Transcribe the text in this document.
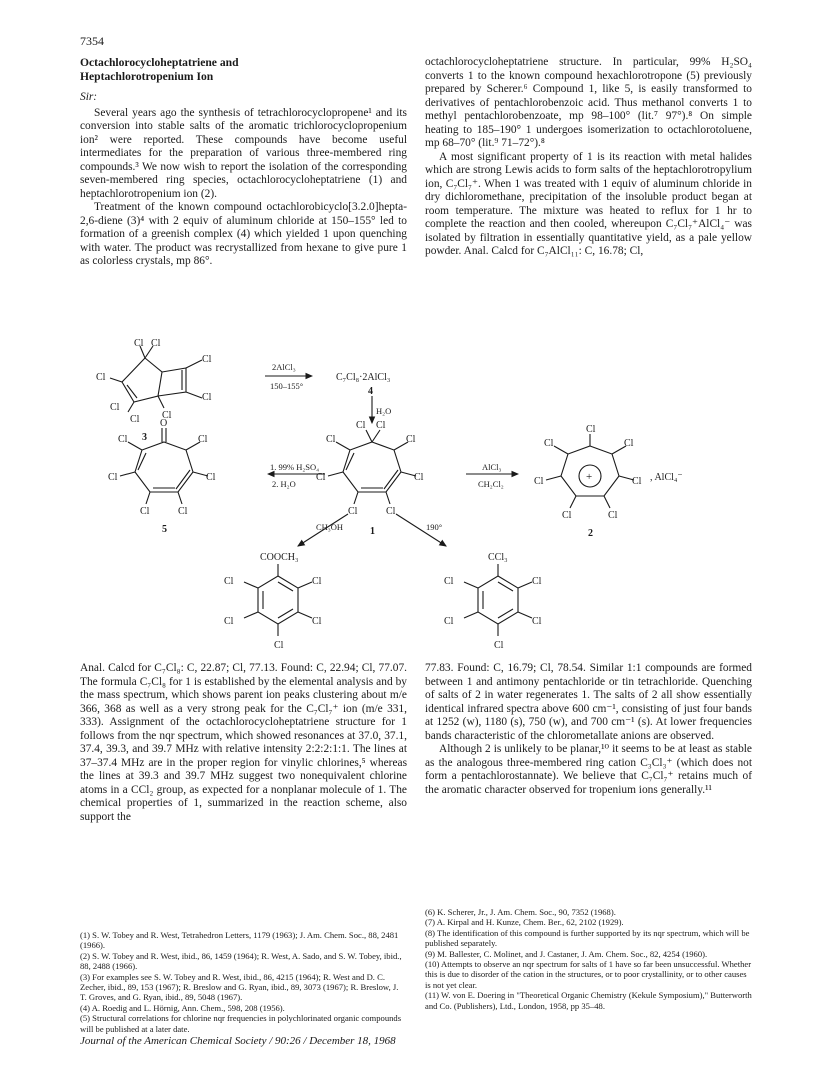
7354
Octachlorocycloheptatriene and
Heptachlorotropenium Ion
Sir:

Several years ago the synthesis of tetrachlorocyclopropene¹ and its conversion into stable salts of the aromatic trichlorocyclopropenium ion² were reported. These compounds have become useful intermediates for the preparation of various three-membered ring compounds.³ We now wish to report the isolation of the corresponding seven-membered ring species, octachlorocycloheptatriene (1) and heptachlorotropenium ion (2).

Treatment of the known compound octachlorobicyclo[3.2.0]hepta-2,6-diene (3)⁴ with 2 equiv of aluminum chloride at 150–155° led to formation of a greenish complex (4) which yielded 1 upon quenching with water. The product was recrystallized from hexane to give pure 1 as colorless crystals, mp 86°.

octachlorocycloheptatriene structure. In particular, 99% H₂SO₄ converts 1 to the known compound hexachlorotropone (5) previously prepared by Scherer.⁶ Compound 1, like 5, is easily transformed to derivatives of pentachlorobenzoic acid. Thus methanol converts 1 to methyl pentachlorobenzoate, mp 98–100° (lit.⁷ 97°).⁸ On simple heating to 185–190° 1 undergoes isomerization to octachlorotoluene, mp 68–70° (lit.⁹ 71–72°).⁸

A most significant property of 1 is its reaction with metal halides which are strong Lewis acids to form salts of the heptachlorotropylium ion, C₇Cl₇⁺. When 1 was treated with 1 equiv of aluminum chloride in dry dichloromethane, precipitation of the insoluble product began at room temperature. The mixture was heated to reflux for 1 hr to complete the reaction and then cooled, whereupon C₇Cl₇⁺AlCl₄⁻ was isolated by filtration in essentially quantitative yield, as a pale yellow powder. Anal. Calcd for C₇AlCl₁₁: C, 16.78; Cl,

Cl Cl
Cl
Cl
Cl
Cl
Cl
Cl
3
2AlCl₃
150–155°
C₇Cl₈·2AlCl₃
4
H₂O
O
Cl	Cl
Cl	Cl
Cl	Cl
5
1. 99% H₂SO₄
2. H₂O
Cl Cl
Cl	Cl
Cl	Cl
Cl	Cl
1
AlCl₃
CH₂Cl₂
Cl
Cl	Cl
Cl	Cl
Cl	Cl
+	, AlCl₄⁻
2
CH₃OH	190°
COOCH₃
Cl	Cl
Cl	Cl
Cl
CCl₃
Cl	Cl
Cl	Cl
Cl

Anal. Calcd for C₇Cl₈: C, 22.87; Cl, 77.13. Found: C, 22.94; Cl, 77.07. The formula C₇Cl₈ for 1 is established by the elemental analysis and by the mass spectrum, which shows parent ion peaks clustering about m/e 366, 368 as well as a very strong peak for the C₇Cl₇⁺ ion (m/e 331, 333). Assignment of the octachlorocycloheptatriene structure for 1 follows from the nqr spectrum, which showed resonances at 37.0, 37.1, 37.4, 39.3, and 39.7 MHz with relative intensity 2:2:2:1:1. The lines at 37–37.4 MHz are in the proper region for vinylic chlorines,⁵ whereas the lines at 39.3 and 39.7 MHz suggest two nonequivalent chlorine atoms in a CCl₂ group, as expected for a nonplanar molecule of 1. The chemical properties of 1, summarized in the reaction scheme, also support the

77.83. Found: C, 16.79; Cl, 78.54. Similar 1:1 compounds are formed between 1 and antimony pentachloride or tin tetrachloride. Quenching of salts of 2 in water regenerates 1. The salts of 2 all show essentially identical infrared spectra above 600 cm⁻¹, consisting of just four bands at 1252 (w), 1180 (s), 750 (w), and 700 cm⁻¹ (s). At lower frequencies bands characteristic of the chlorometallate anions are observed.

Although 2 is unlikely to be planar,¹⁰ it seems to be at least as stable as the analogous three-membered ring cation C₃Cl₃⁺ (which does not form a pentachlorostannate). We believe that C₇Cl₇⁺ retains much of the aromatic character observed for tropenium ions generally.¹¹

(1) S. W. Tobey and R. West, Tetrahedron Letters, 1179 (1963); J. Am. Chem. Soc., 88, 2481 (1966).
(2) S. W. Tobey and R. West, ibid., 86, 1459 (1964); R. West, A. Sado, and S. W. Tobey, ibid., 88, 2488 (1966).
(3) For examples see S. W. Tobey and R. West, ibid., 86, 4215 (1964); R. West and D. C. Zecher, ibid., 89, 153 (1967); R. Breslow and G. Ryan, ibid., 89, 3073 (1967); R. Breslow, J. T. Groves, and G. Ryan, ibid., 89, 5048 (1967).
(4) A. Roedig and L. Hörnig, Ann. Chem., 598, 208 (1956).
(5) Structural correlations for chlorine nqr frequencies in polychlorinated organic compounds will be published at a later date.
(6) K. Scherer, Jr., J. Am. Chem. Soc., 90, 7352 (1968).
(7) A. Kirpal and H. Kunze, Chem. Ber., 62, 2102 (1929).
(8) The identification of this compound is further supported by its nqr spectrum, which will be published separately.
(9) M. Ballester, C. Molinet, and J. Castaner, J. Am. Chem. Soc., 82, 4254 (1960).
(10) Attempts to observe an nqr spectrum for salts of 1 have so far been unsuccessful. Whether this is due to disorder of the cation in the structures, or to poor crystallinity, or to other causes is not yet clear.
(11) W. von E. Doering in "Theoretical Organic Chemistry (Kekule Symposium)," Butterworth and Co. (Publishers), Ltd., London, 1958, pp 35–48.
Journal of the American Chemical Society / 90:26 / December 18, 1968
